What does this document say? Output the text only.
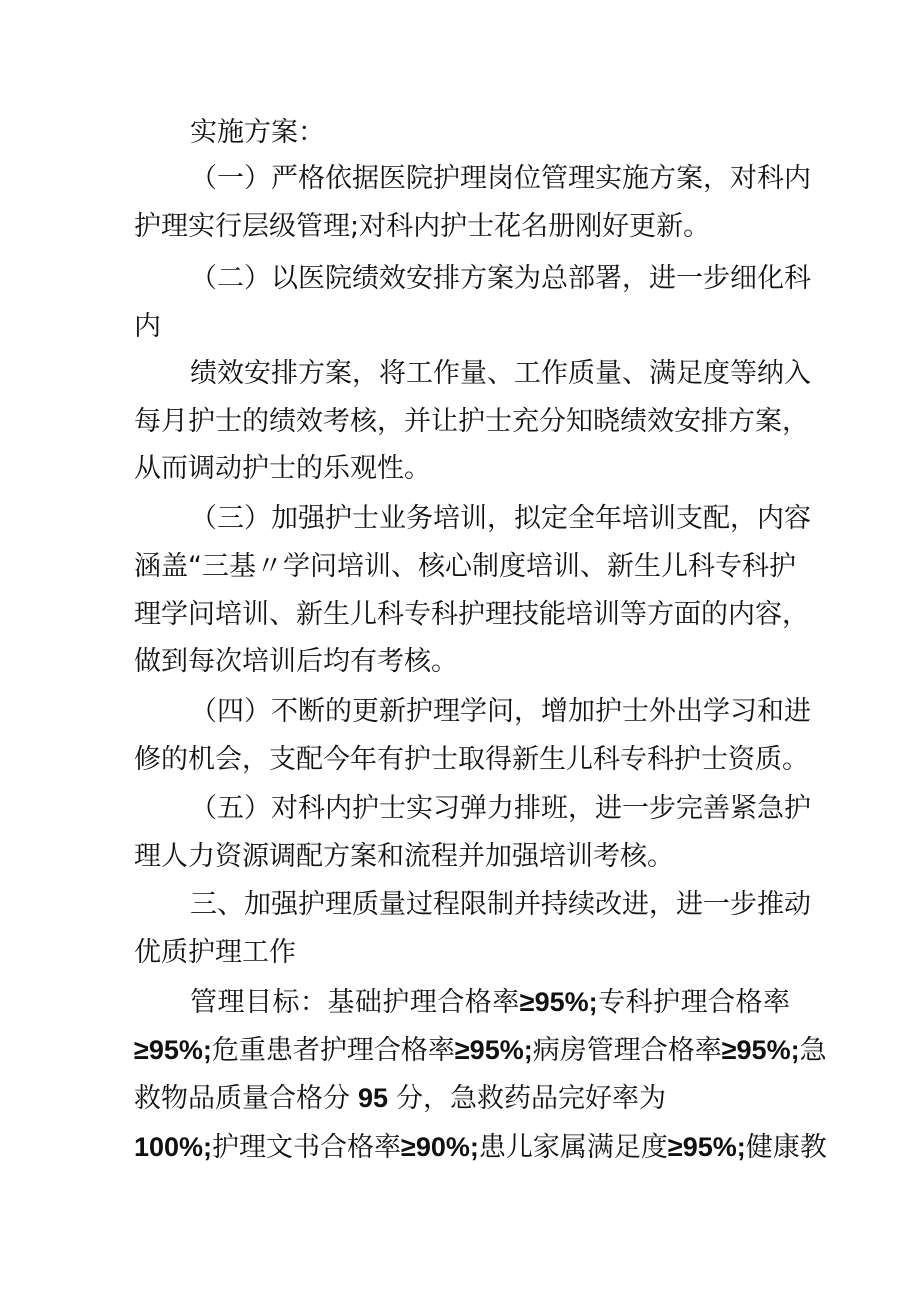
实施方案：
（一）严格依据医院护理岗位管理实施方案，对科内
护理实行层级管理;对科内护士花名册刚好更新。
（二）以医院绩效安排方案为总部署，进一步细化科
内
绩效安排方案，将工作量、工作质量、满足度等纳入
每月护士的绩效考核，并让护士充分知晓绩效安排方案，
从而调动护士的乐观性。
（三）加强护士业务培训，拟定全年培训支配，内容
涵盖“三基〃学问培训、核心制度培训、新生儿科专科护
理学问培训、新生儿科专科护理技能培训等方面的内容，
做到每次培训后均有考核。
（四）不断的更新护理学问，增加护士外出学习和进
修的机会，支配今年有护士取得新生儿科专科护士资质。
（五）对科内护士实习弹力排班，进一步完善紧急护
理人力资源调配方案和流程并加强培训考核。
三、加强护理质量过程限制并持续改进，进一步推动
优质护理工作
管理目标：基础护理合格率≥95%;专科护理合格率
≥95%;危重患者护理合格率≥95%;病房管理合格率≥95%;急
救物品质量合格分 95 分，急救药品完好率为
100%;护理文书合格率≥90%;患儿家属满足度≥95%;健康教
